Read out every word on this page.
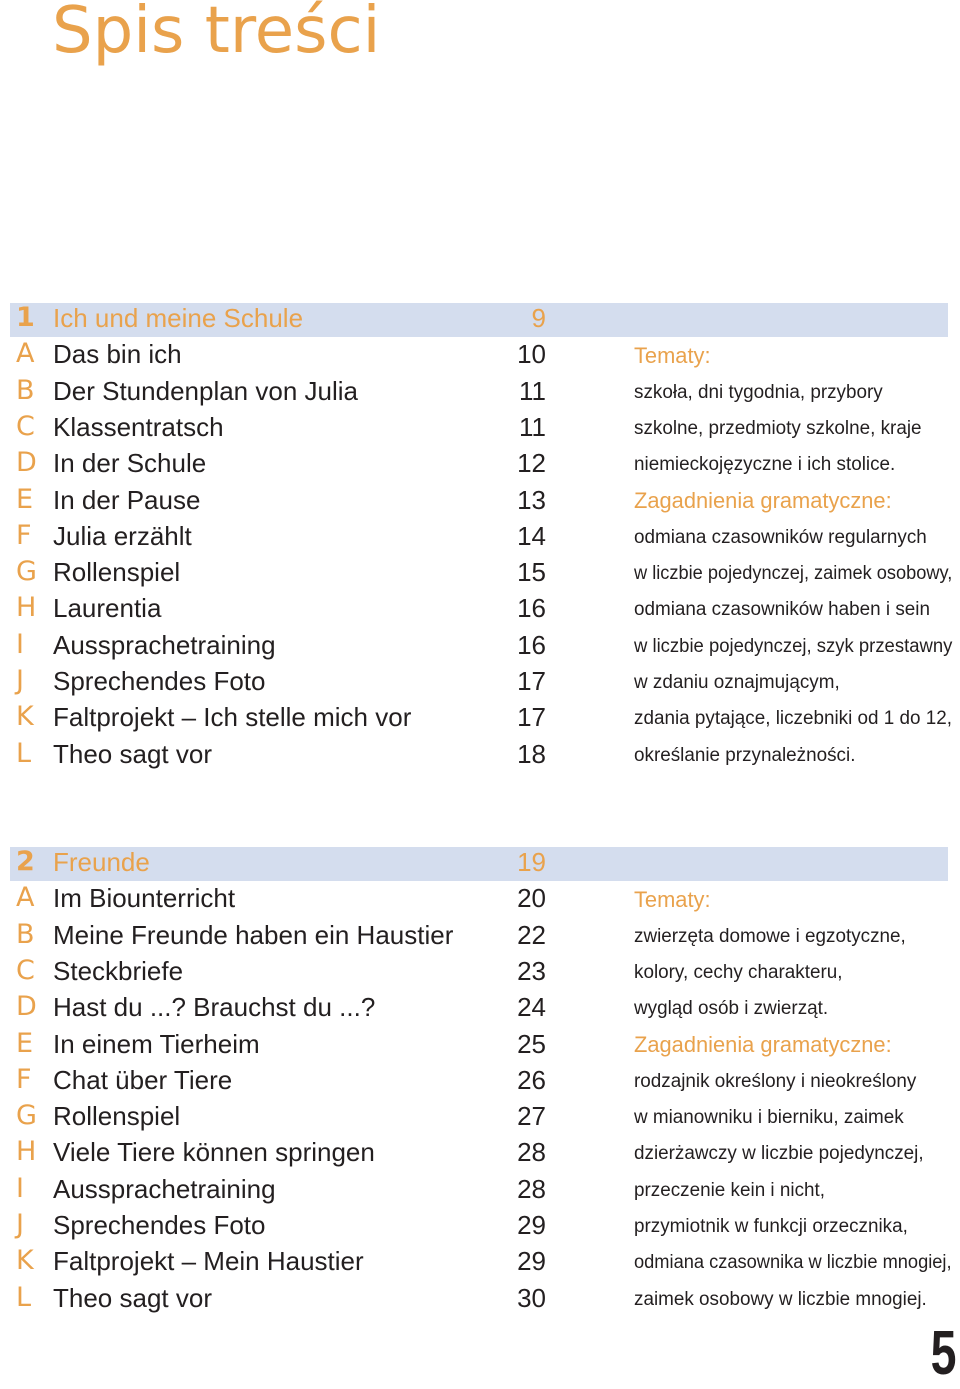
Spis treści
1 Ich und meine Schule	9
A Das bin ich	10
B Der Stundenplan von Julia	11
C Klassentratsch	11
D In der Schule	12
E In der Pause	13
F Julia erzählt	14
G Rollenspiel	15
H Laurentia	16
I	Aussprachetraining	16
J	Sprechendes Foto	17
K Faltprojekt – Ich stelle mich vor	17
L Theo sagt vor	18
Tematy:
szkoła, dni tygodnia, przybory
szkolne, przedmioty szkolne, kraje
niemieckojęzyczne i ich stolice.
Zagadnienia gramatyczne:
odmiana czasowników regularnych
w liczbie pojedynczej, zaimek osobowy,
odmiana czasowników haben i sein
w liczbie pojedynczej, szyk przestawny
w zdaniu oznajmującym,
zdania pytające, liczebniki od 1 do 12,
określanie przynależności.
2 Freunde	19
A Im Biounterricht	20
B Meine Freunde haben ein Haustier	22
C Steckbriefe	23
D Hast du ...? Brauchst du ...?	24
E In einem Tierheim	25
F Chat über Tiere	26
G Rollenspiel	27
H Viele Tiere können springen	28
I	Aussprachetraining	28
J	Sprechendes Foto	29
K Faltprojekt – Mein Haustier	29
L Theo sagt vor	30
Tematy:
zwierzęta domowe i egzotyczne,
kolory, cechy charakteru,
wygląd osób i zwierząt.
Zagadnienia gramatyczne:
rodzajnik określony i nieokreślony
w mianowniku i bierniku, zaimek
dzierżawczy w liczbie pojedynczej,
przeczenie kein i nicht,
przymiotnik w funkcji orzecznika,
odmiana czasownika w liczbie mnogiej,
zaimek osobowy w liczbie mnogiej.
5
